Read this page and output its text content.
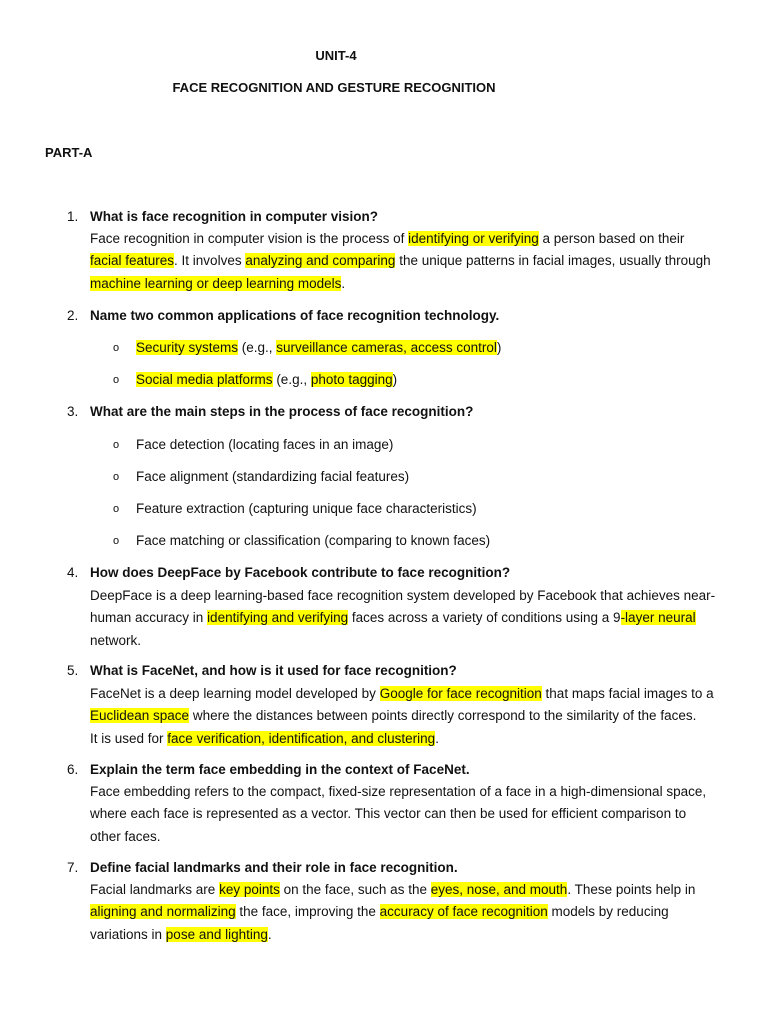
UNIT-4
FACE RECOGNITION AND GESTURE RECOGNITION
PART-A
1. What is face recognition in computer vision?
Face recognition in computer vision is the process of identifying or verifying a person based on their
facial features. It involves analyzing and comparing the unique patterns in facial images, usually through
machine learning or deep learning models.
2. Name two common applications of face recognition technology.
o Security systems (e.g., surveillance cameras, access control)
o Social media platforms (e.g., photo tagging)
3. What are the main steps in the process of face recognition?
o Face detection (locating faces in an image)
o Face alignment (standardizing facial features)
o Feature extraction (capturing unique face characteristics)
o Face matching or classification (comparing to known faces)
4. How does DeepFace by Facebook contribute to face recognition?
DeepFace is a deep learning-based face recognition system developed by Facebook that achieves near-
human accuracy in identifying and verifying faces across a variety of conditions using a 9-layer neural
network.
5. What is FaceNet, and how is it used for face recognition?
FaceNet is a deep learning model developed by Google for face recognition that maps facial images to a
Euclidean space where the distances between points directly correspond to the similarity of the faces.
It is used for face verification, identification, and clustering.
6. Explain the term face embedding in the context of FaceNet.
Face embedding refers to the compact, fixed-size representation of a face in a high-dimensional space,
where each face is represented as a vector. This vector can then be used for efficient comparison to
other faces.
7. Define facial landmarks and their role in face recognition.
Facial landmarks are key points on the face, such as the eyes, nose, and mouth. These points help in
aligning and normalizing the face, improving the accuracy of face recognition models by reducing
variations in pose and lighting.
